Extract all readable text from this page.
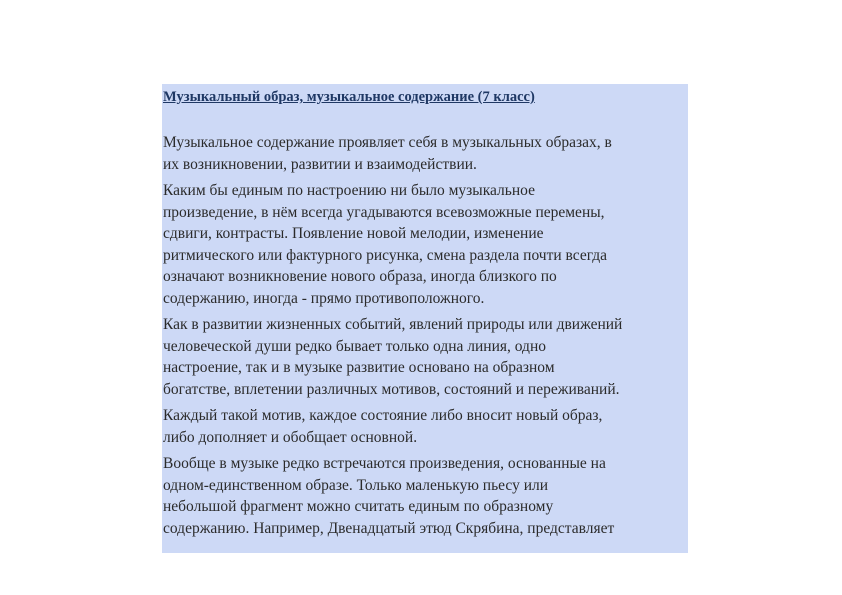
Музыкальный образ, музыкальное содержание (7 класс)
Музыкальное содержание проявляет себя в музыкальных образах, в
их возникновении, развитии и взаимодействии.
Каким бы единым по настроению ни было музыкальное
произведение, в нём всегда угадываются всевозможные перемены,
сдвиги, контрасты. Появление новой мелодии, изменение
ритмического или фактурного рисунка, смена раздела почти всегда
означают возникновение нового образа, иногда близкого по
содержанию, иногда - прямо противоположного.
Как в развитии жизненных событий, явлений природы или движений
человеческой души редко бывает только одна линия, одно
настроение, так и в музыке развитие основано на образном
богатстве, вплетении различных мотивов, состояний и переживаний.
Каждый такой мотив, каждое состояние либо вносит новый образ,
либо дополняет и обобщает основной.
Вообще в музыке редко встречаются произведения, основанные на
одном-единственном образе. Только маленькую пьесу или
небольшой фрагмент можно считать единым по образному
содержанию. Например, Двенадцатый этюд Скрябина, представляет
